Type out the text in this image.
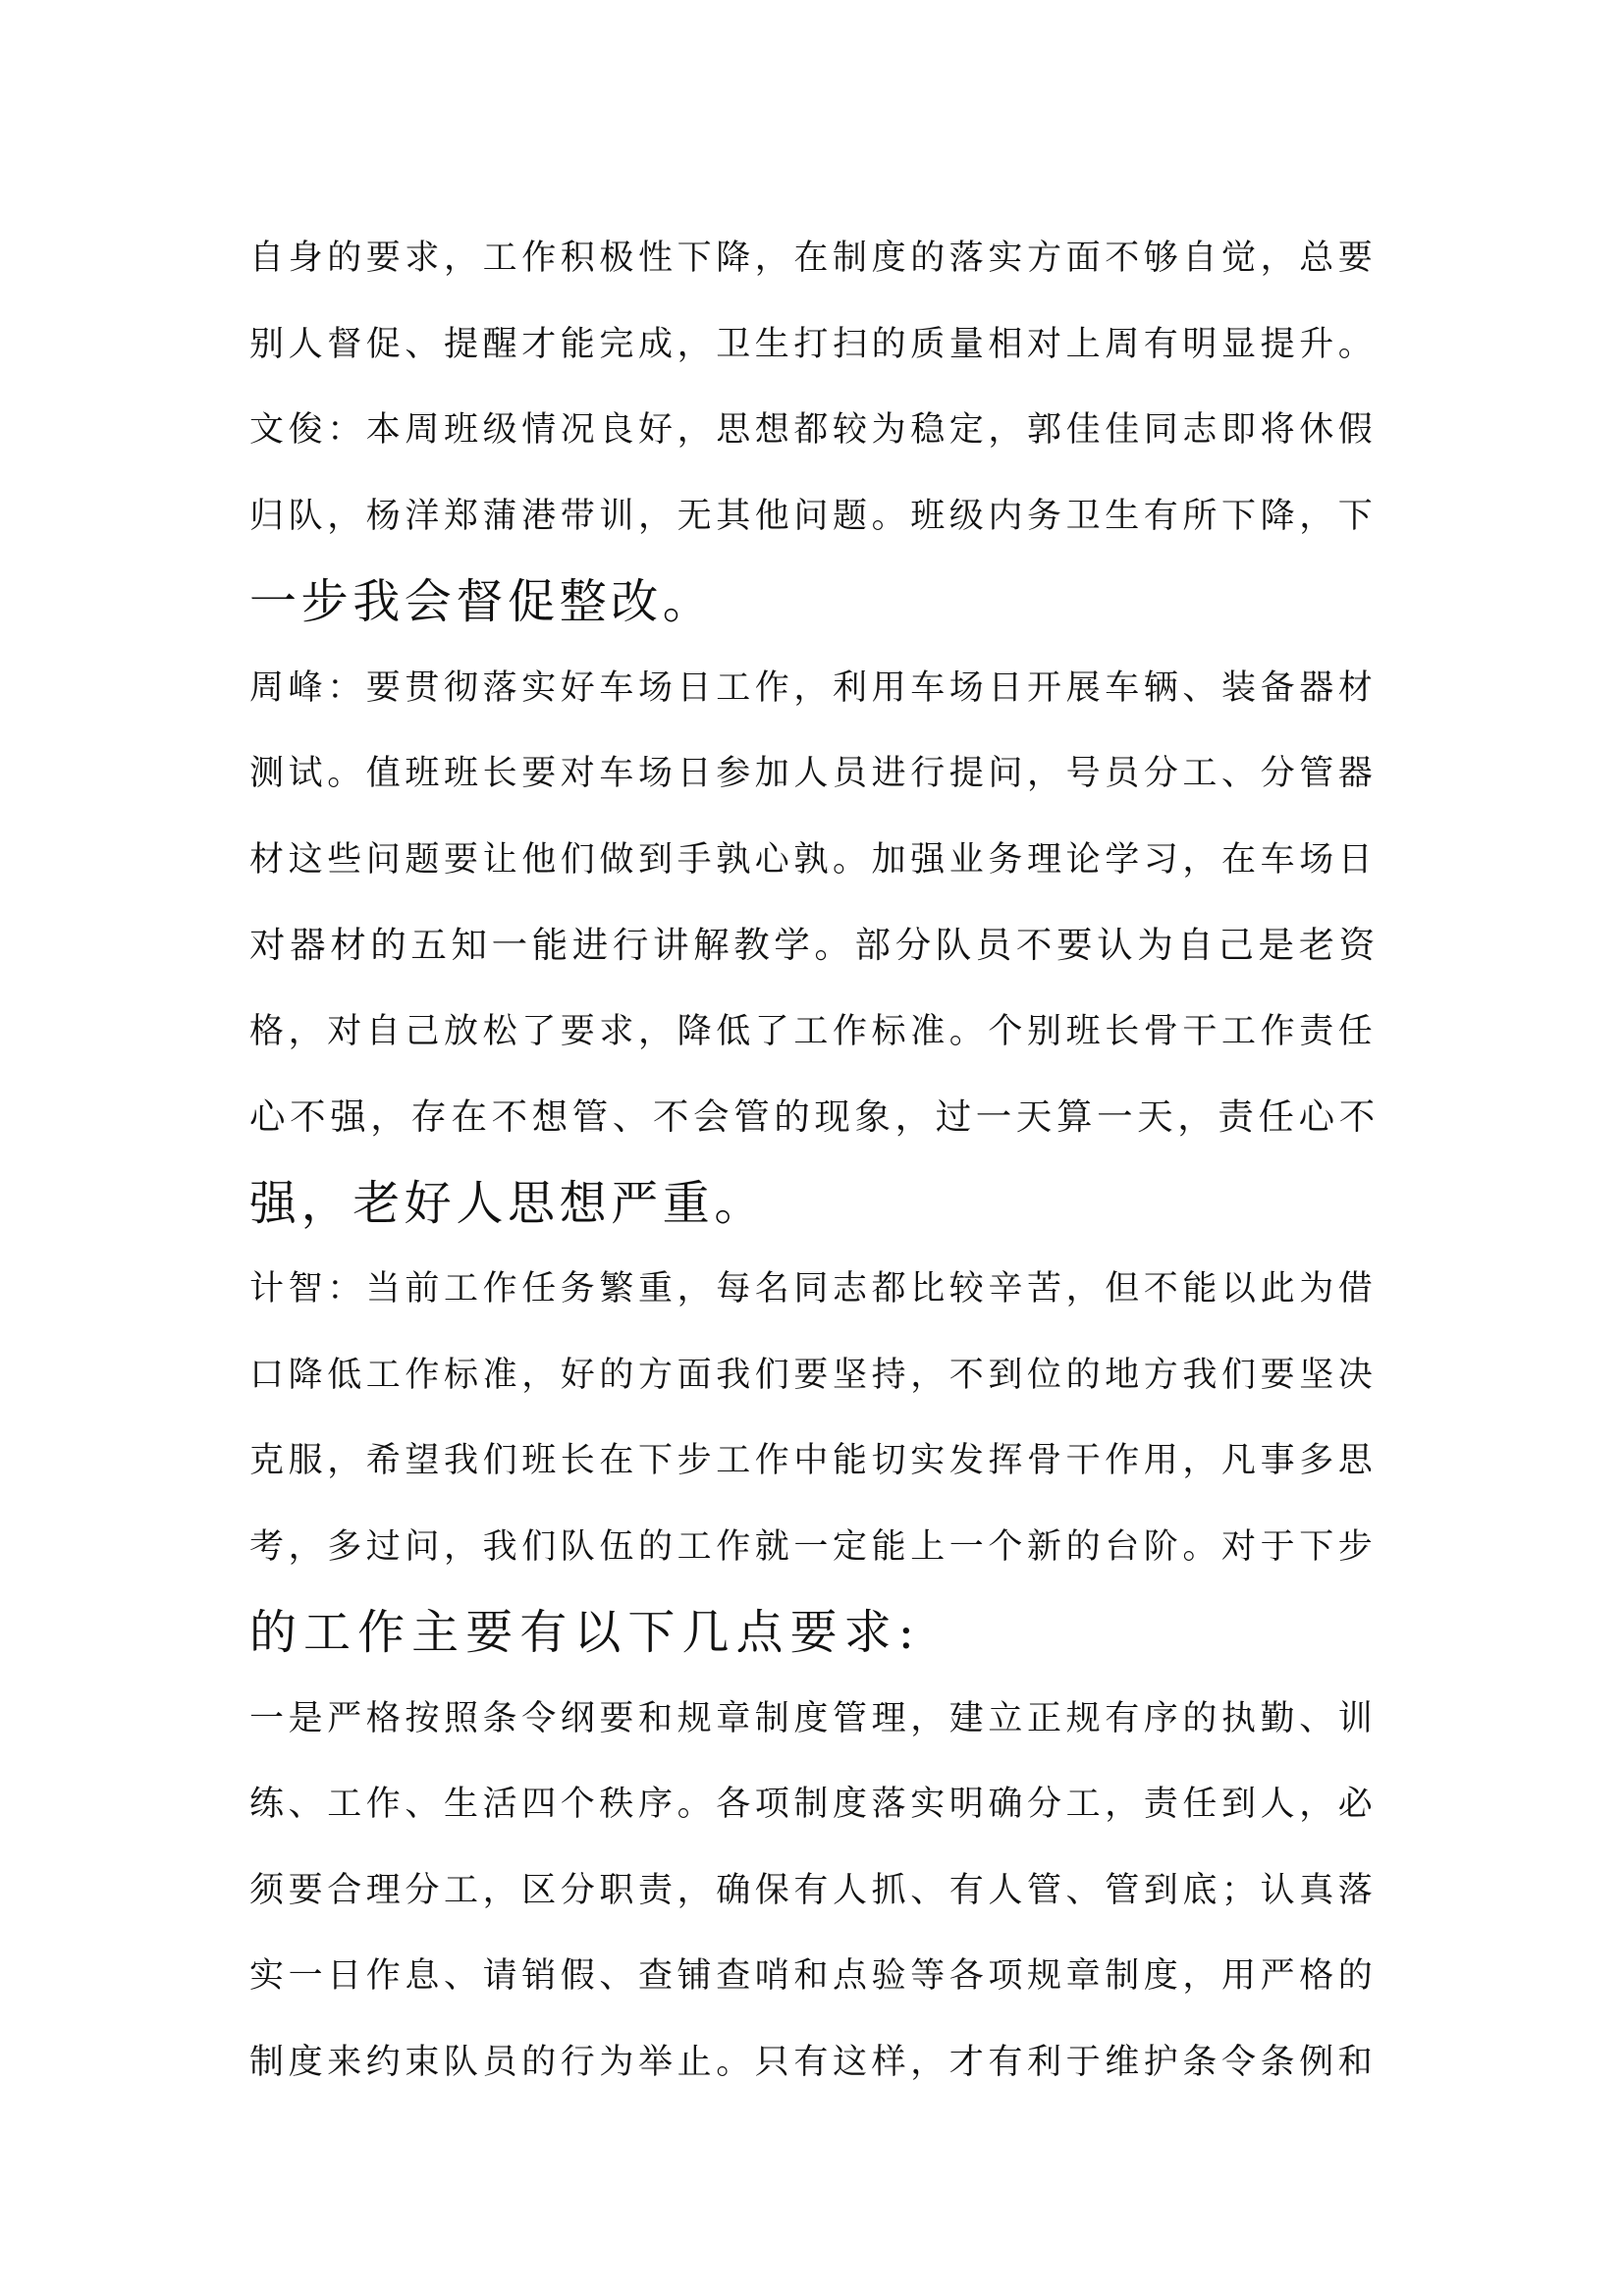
自身的要求，工作积极性下降，在制度的落实方面不够自觉，总要
别人督促、提醒才能完成，卫生打扫的质量相对上周有明显提升。
文俊：本周班级情况良好，思想都较为稳定，郭佳佳同志即将休假
归队，杨洋郑蒲港带训，无其他问题。班级内务卫生有所下降，下
一步我会督促整改。
周峰：要贯彻落实好车场日工作，利用车场日开展车辆、装备器材
测试。值班班长要对车场日参加人员进行提问，号员分工、分管器
材这些问题要让他们做到手孰心孰。加强业务理论学习，在车场日
对器材的五知一能进行讲解教学。部分队员不要认为自己是老资
格，对自己放松了要求，降低了工作标准。个别班长骨干工作责任
心不强，存在不想管、不会管的现象，过一天算一天，责任心不
强，老好人思想严重。
计智：当前工作任务繁重，每名同志都比较辛苦，但不能以此为借
口降低工作标准，好的方面我们要坚持，不到位的地方我们要坚决
克服，希望我们班长在下步工作中能切实发挥骨干作用，凡事多思
考，多过问，我们队伍的工作就一定能上一个新的台阶。对于下步
的工作主要有以下几点要求:
一是严格按照条令纲要和规章制度管理，建立正规有序的执勤、训
练、工作、生活四个秩序。各项制度落实明确分工，责任到人，必
须要合理分工，区分职责，确保有人抓、有人管、管到底；认真落
实一日作息、请销假、查铺查哨和点验等各项规章制度，用严格的
制度来约束队员的行为举止。只有这样，才有利于维护条令条例和
